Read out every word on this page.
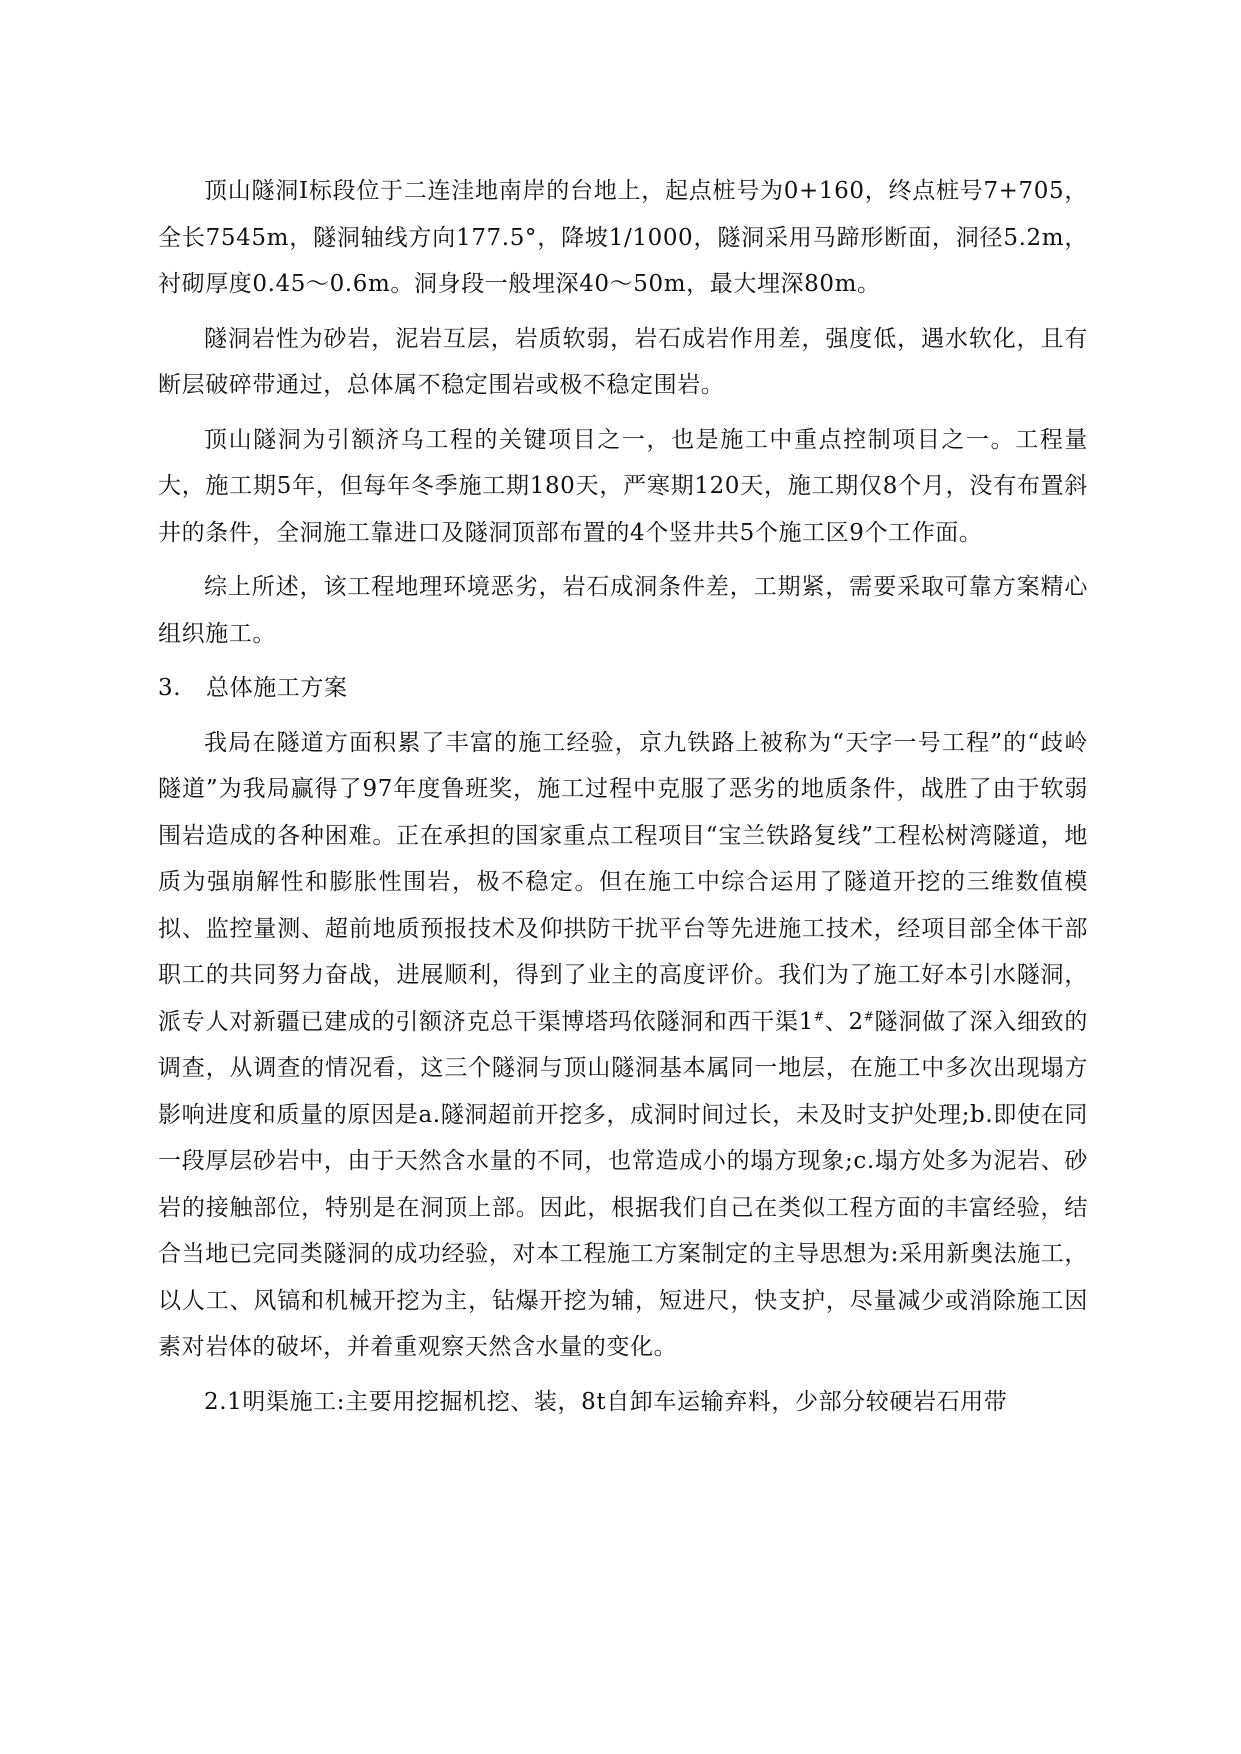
顶山隧洞Ⅰ标段位于二连洼地南岸的台地上，起点桩号为0+160，终点桩号7+705，全长7545m，隧洞轴线方向177.5°，降坡1/1000，隧洞采用马蹄形断面，洞径5.2m，衬砌厚度0.45～0.6m。洞身段一般埋深40～50m，最大埋深80m。

隧洞岩性为砂岩，泥岩互层，岩质软弱，岩石成岩作用差，强度低，遇水软化，且有断层破碎带通过，总体属不稳定围岩或极不稳定围岩。

顶山隧洞为引额济乌工程的关键项目之一，也是施工中重点控制项目之一。工程量大，施工期5年，但每年冬季施工期180天，严寒期120天，施工期仅8个月，没有布置斜井的条件，全洞施工靠进口及隧洞顶部布置的4个竖井共5个施工区9个工作面。

综上所述，该工程地理环境恶劣，岩石成洞条件差，工期紧，需要采取可靠方案精心组织施工。

3. 总体施工方案

我局在隧道方面积累了丰富的施工经验，京九铁路上被称为“天字一号工程”的“歧岭隧道”为我局赢得了97年度鲁班奖，施工过程中克服了恶劣的地质条件，战胜了由于软弱围岩造成的各种困难。正在承担的国家重点工程项目“宝兰铁路复线”工程松树湾隧道，地质为强崩解性和膨胀性围岩，极不稳定。但在施工中综合运用了隧道开挖的三维数值模拟、监控量测、超前地质预报技术及仰拱防干扰平台等先进施工技术，经项目部全体干部职工的共同努力奋战，进展顺利，得到了业主的高度评价。我们为了施工好本引水隧洞，派专人对新疆已建成的引额济克总干渠博塔玛依隧洞和西干渠1#、2#隧洞做了深入细致的调查，从调查的情况看，这三个隧洞与顶山隧洞基本属同一地层，在施工中多次出现塌方影响进度和质量的原因是a.隧洞超前开挖多，成洞时间过长，未及时支护处理;b.即使在同一段厚层砂岩中，由于天然含水量的不同，也常造成小的塌方现象;c.塌方处多为泥岩、砂岩的接触部位，特别是在洞顶上部。因此，根据我们自己在类似工程方面的丰富经验，结合当地已完同类隧洞的成功经验，对本工程施工方案制定的主导思想为:采用新奥法施工，以人工、风镐和机械开挖为主，钻爆开挖为辅，短进尺，快支护，尽量减少或消除施工因素对岩体的破坏，并着重观察天然含水量的变化。

2.1明渠施工:主要用挖掘机挖、装，8t自卸车运输弃料，少部分较硬岩石用带
